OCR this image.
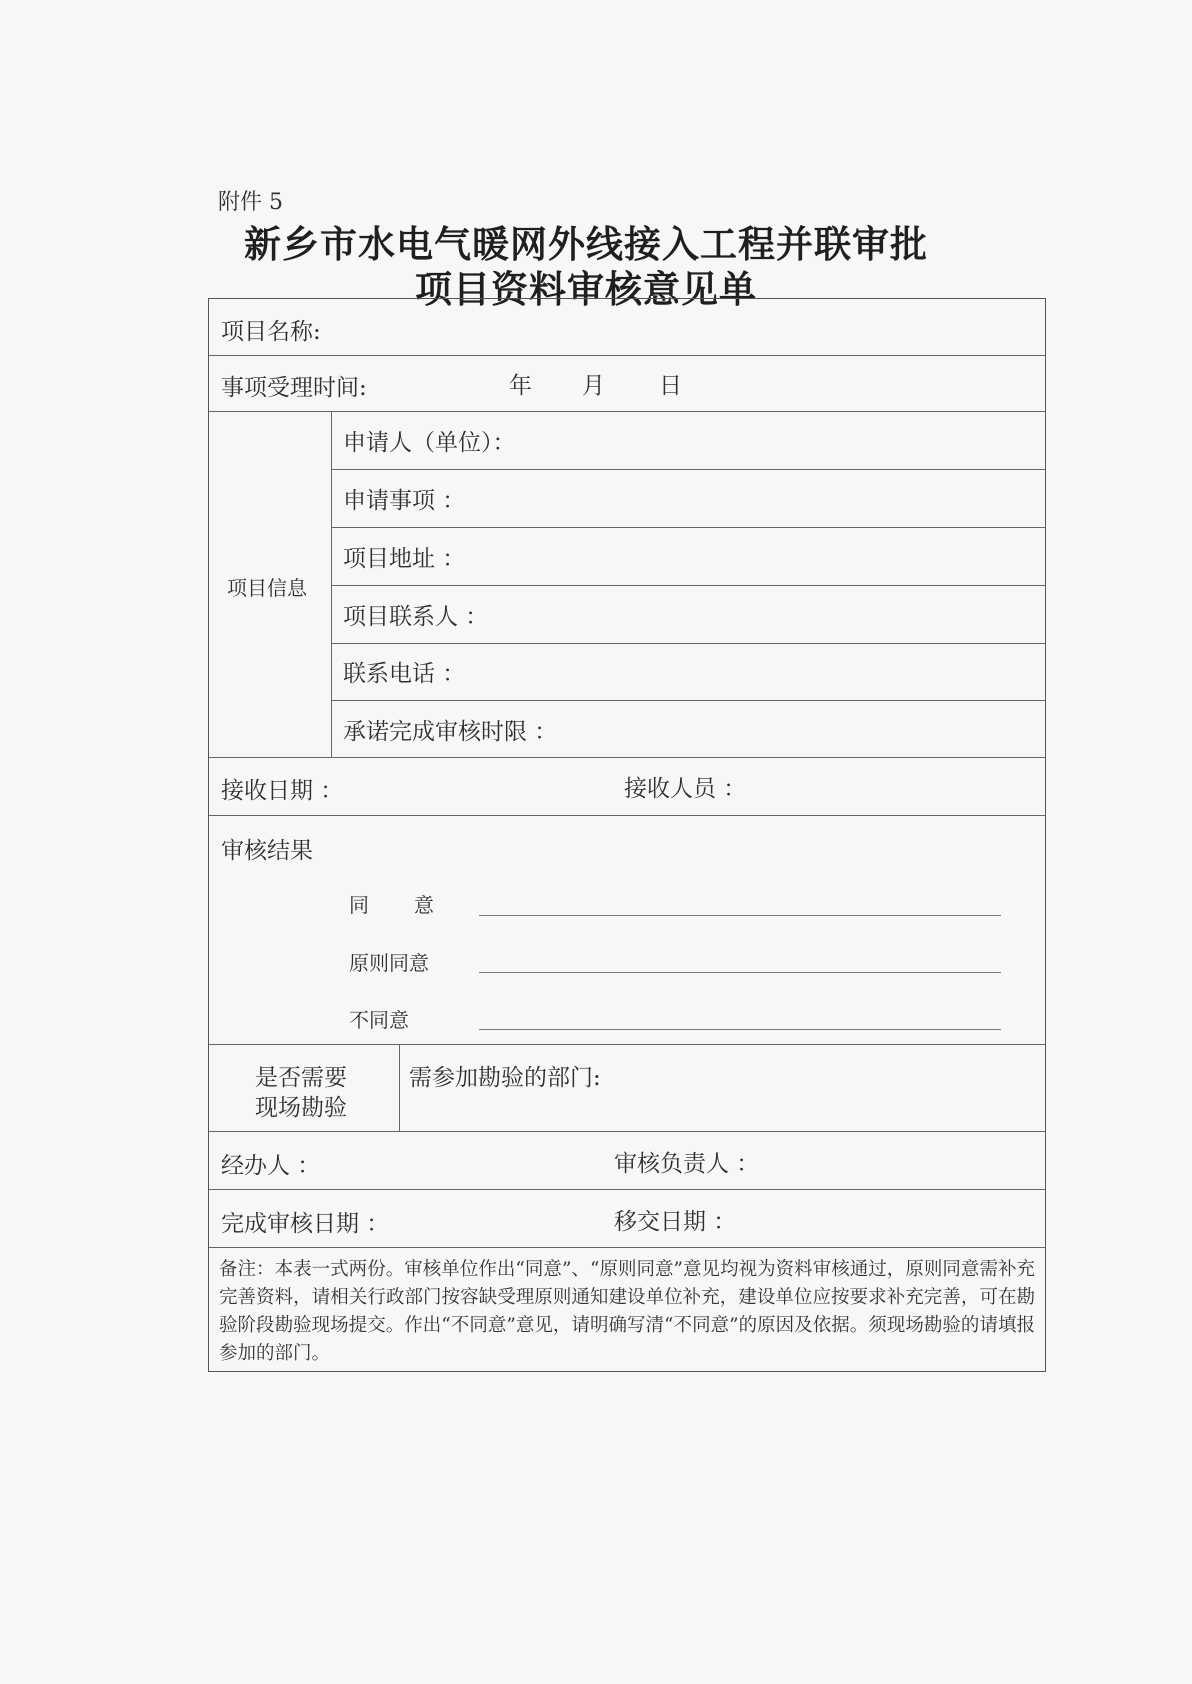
附件 5
新乡市水电气暖网外线接入工程并联审批
项目资料审核意见单
项目名称:
事项受理时间:	年 月 日
项目信息
申请人（单位）：
申请事项 ：
项目地址 ：
项目联系人 ：
联系电话 ：
承诺完成审核时限 ：
接收日期 ：	接收人员 ：
审核结果
同 意
原则同意
不同意
是否需要
现场勘验
需参加勘验的部门:
经办人 ：	审核负责人 ：
完成审核日期 ：	移交日期 ：
备注：本表一式两份。审核单位作出“同意”、“原则同意”意见均视为资料审核通过，原则同意需补充完善资料，请相关行政部门按容缺受理原则通知建设单位补充，建设单位应按要求补充完善，可在勘验阶段勘验现场提交。作出“不同意”意见，请明确写清“不同意”的原因及依据。须现场勘验的请填报参加的部门。
